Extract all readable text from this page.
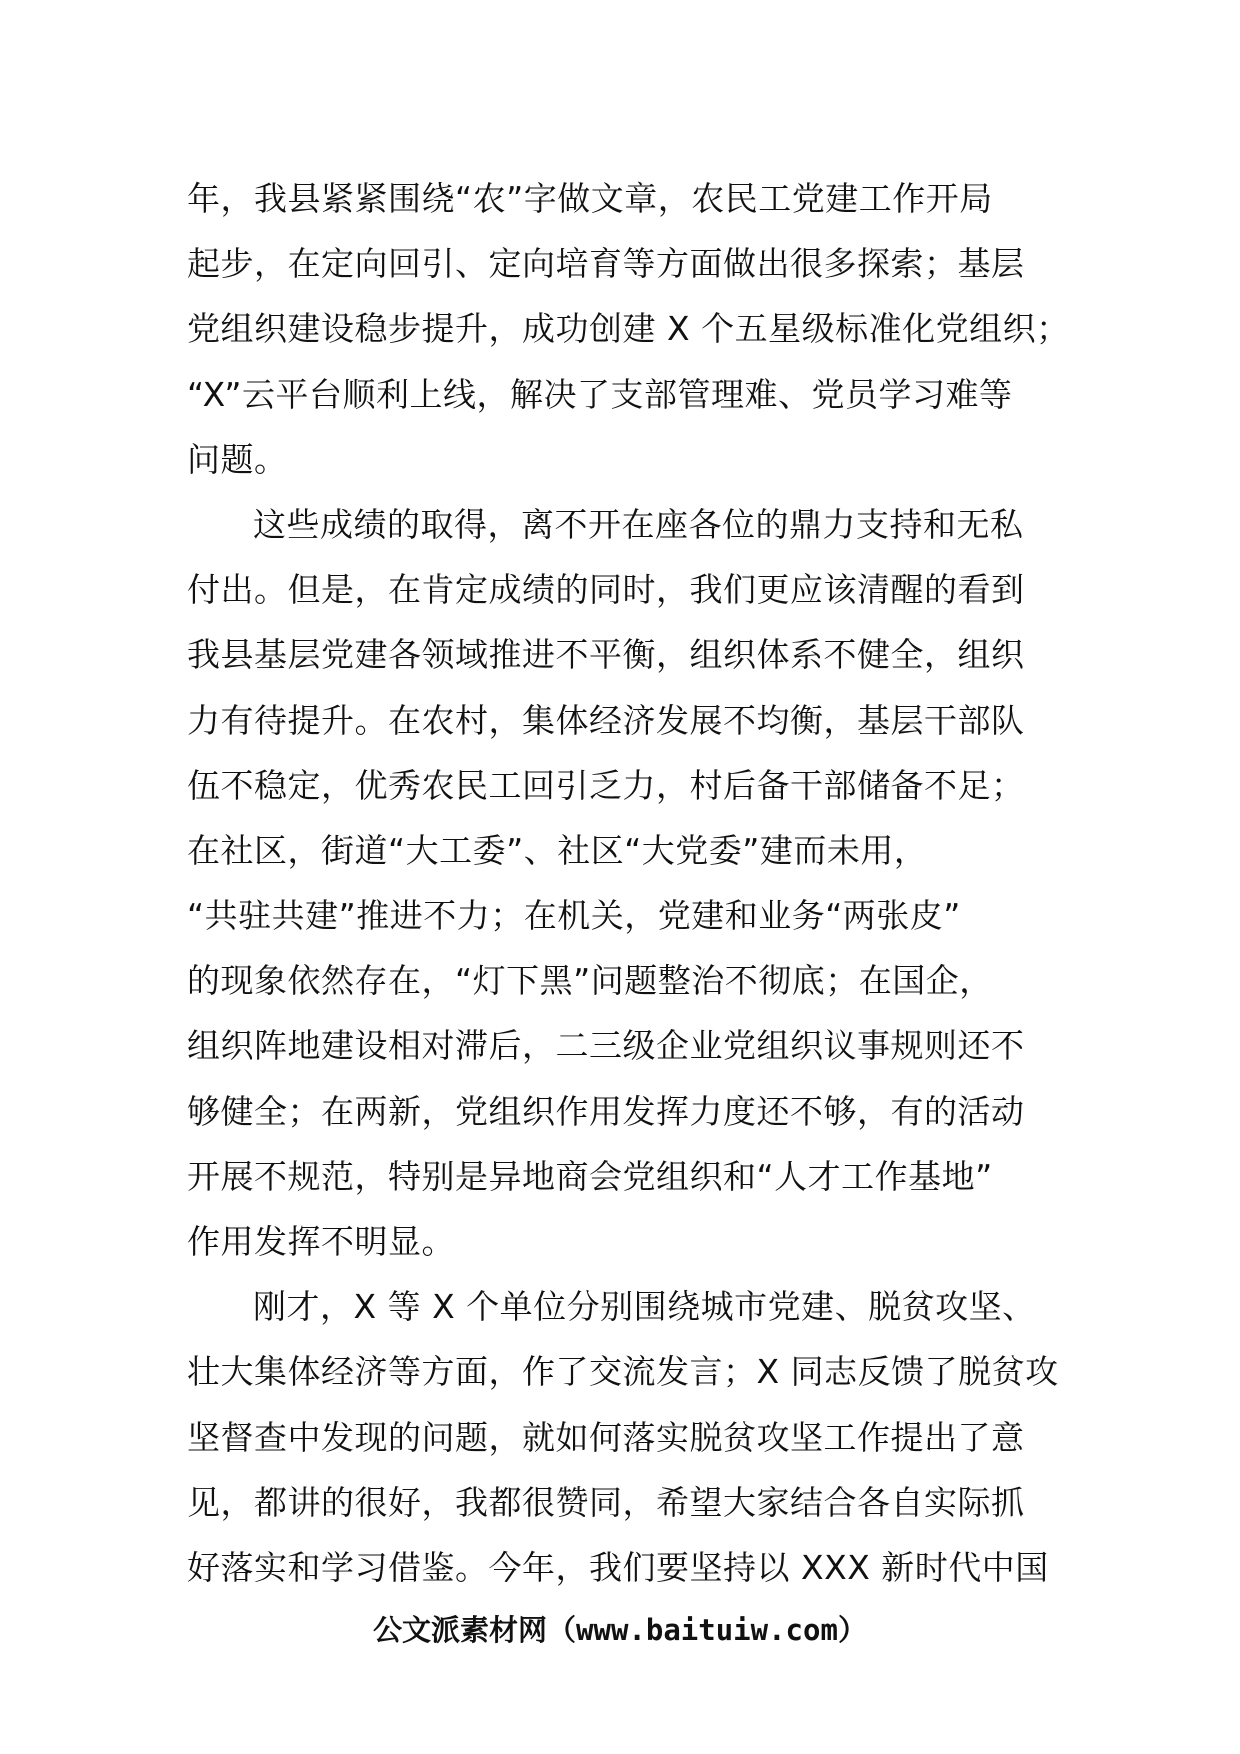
年，我县紧紧围绕“农”字做文章，农民工党建工作开局
起步，在定向回引、定向培育等方面做出很多探索；基层
党组织建设稳步提升，成功创建 X 个五星级标准化党组织；
“X”云平台顺利上线，解决了支部管理难、党员学习难等
问题。
这些成绩的取得，离不开在座各位的鼎力支持和无私
付出。但是，在肯定成绩的同时，我们更应该清醒的看到
我县基层党建各领域推进不平衡，组织体系不健全，组织
力有待提升。在农村，集体经济发展不均衡，基层干部队
伍不稳定，优秀农民工回引乏力，村后备干部储备不足；
在社区，街道“大工委”、社区“大党委”建而未用，
“共驻共建”推进不力；在机关，党建和业务“两张皮”
的现象依然存在，“灯下黑”问题整治不彻底；在国企，
组织阵地建设相对滞后，二三级企业党组织议事规则还不
够健全；在两新，党组织作用发挥力度还不够，有的活动
开展不规范，特别是异地商会党组织和“人才工作基地”
作用发挥不明显。
刚才，X 等 X 个单位分别围绕城市党建、脱贫攻坚、
壮大集体经济等方面，作了交流发言；X 同志反馈了脱贫攻
坚督查中发现的问题，就如何落实脱贫攻坚工作提出了意
见，都讲的很好，我都很赞同，希望大家结合各自实际抓
好落实和学习借鉴。今年，我们要坚持以 XXX 新时代中国
公文派素材网（www.baituiw.com）
